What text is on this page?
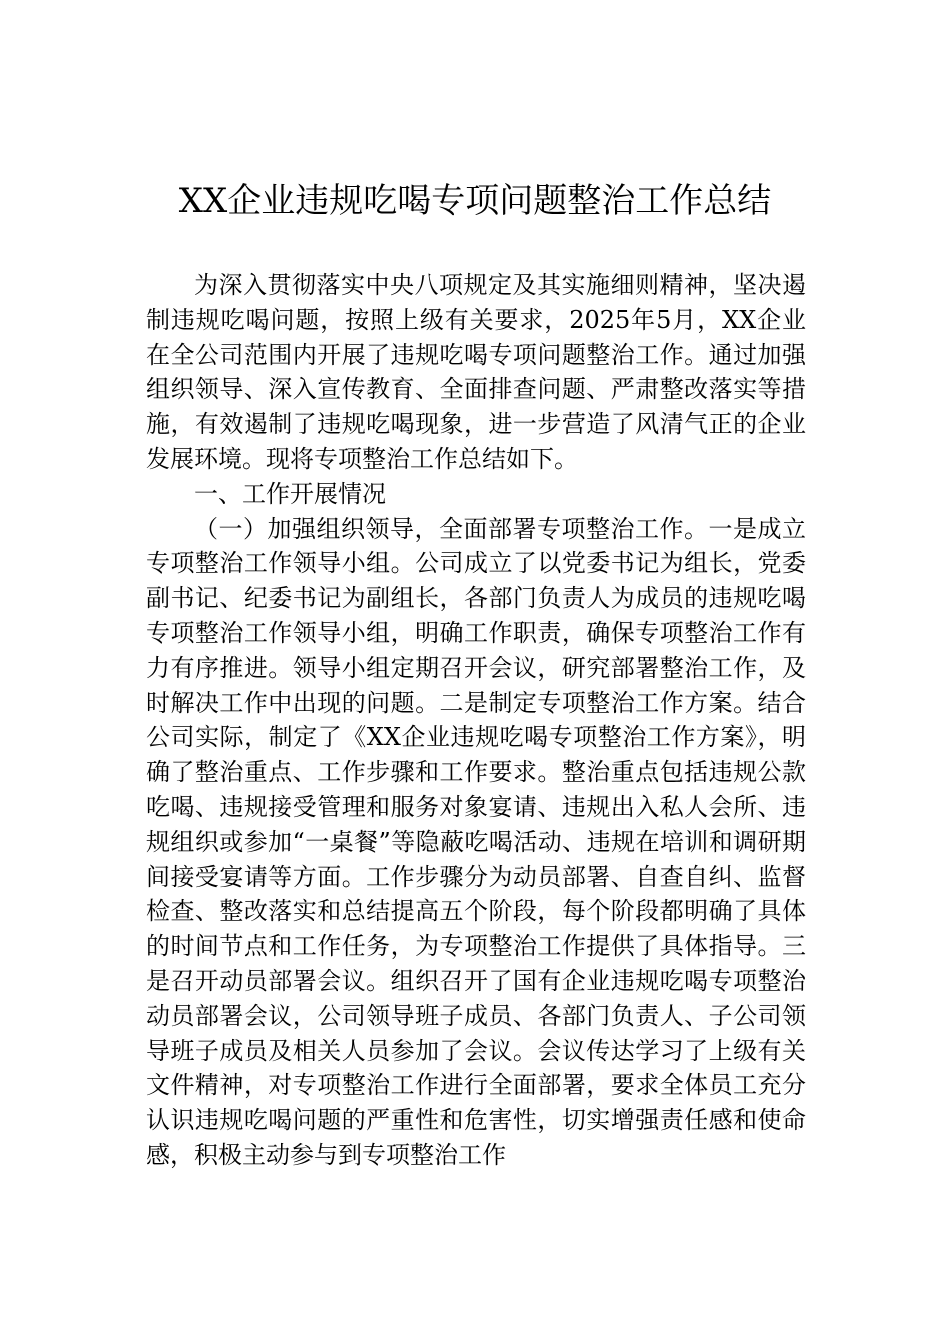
XX企业违规吃喝专项问题整治工作总结

为深入贯彻落实中央八项规定及其实施细则精神，坚决遏制违规吃喝问题，按照上级有关要求，2025年5月，XX企业在全公司范围内开展了违规吃喝专项问题整治工作。通过加强组织领导、深入宣传教育、全面排查问题、严肃整改落实等措施，有效遏制了违规吃喝现象，进一步营造了风清气正的企业发展环境。现将专项整治工作总结如下。

一、工作开展情况

（一）加强组织领导，全面部署专项整治工作。一是成立专项整治工作领导小组。公司成立了以党委书记为组长，党委副书记、纪委书记为副组长，各部门负责人为成员的违规吃喝专项整治工作领导小组，明确工作职责，确保专项整治工作有力有序推进。领导小组定期召开会议，研究部署整治工作，及时解决工作中出现的问题。二是制定专项整治工作方案。结合公司实际，制定了《XX企业违规吃喝专项整治工作方案》，明确了整治重点、工作步骤和工作要求。整治重点包括违规公款吃喝、违规接受管理和服务对象宴请、违规出入私人会所、违规组织或参加“一桌餐”等隐蔽吃喝活动、违规在培训和调研期间接受宴请等方面。工作步骤分为动员部署、自查自纠、监督检查、整改落实和总结提高五个阶段，每个阶段都明确了具体的时间节点和工作任务，为专项整治工作提供了具体指导。三是召开动员部署会议。组织召开了国有企业违规吃喝专项整治动员部署会议，公司领导班子成员、各部门负责人、子公司领导班子成员及相关人员参加了会议。会议传达学习了上级有关文件精神，对专项整治工作进行全面部署，要求全体员工充分认识违规吃喝问题的严重性和危害性，切实增强责任感和使命感，积极主动参与到专项整治工作
